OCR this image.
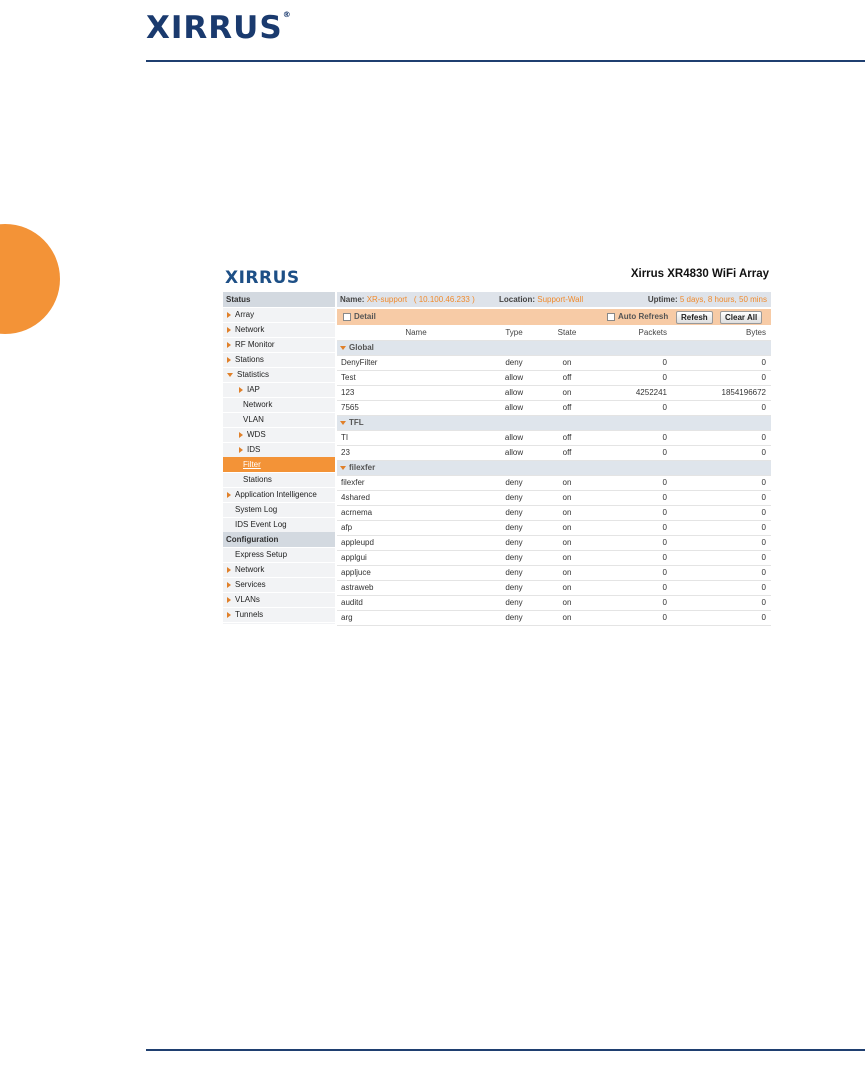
XIRRUS®
XIRRUS	Xirrus XR4830 WiFi Array
Status
Array
Network
RF Monitor
Stations
Statistics
IAP
Network
VLAN
WDS
IDS
Filter
Stations
Application Intelligence
System Log
IDS Event Log
Configuration
Express Setup
Network
Services
VLANs
Tunnels
Name: XR-support ( 10.100.46.233 )	Location: Support-Wall	Uptime: 5 days, 8 hours, 50 mins
Detail	Auto Refresh	Refesh	Clear All
Name	Type	State	Packets	Bytes
Global
DenyFilter	deny	on	0	0
Test	allow	off	0	0
123	allow	on	4252241	1854196672
7565	allow	off	0	0
TFL
TI	allow	off	0	0
23	allow	off	0	0
filexfer
filexfer	deny	on	0	0
4shared	deny	on	0	0
acrnema	deny	on	0	0
afp	deny	on	0	0
appleupd	deny	on	0	0
applgui	deny	on	0	0
appljuce	deny	on	0	0
astraweb	deny	on	0	0
auditd	deny	on	0	0
arg	deny	on	0	0
